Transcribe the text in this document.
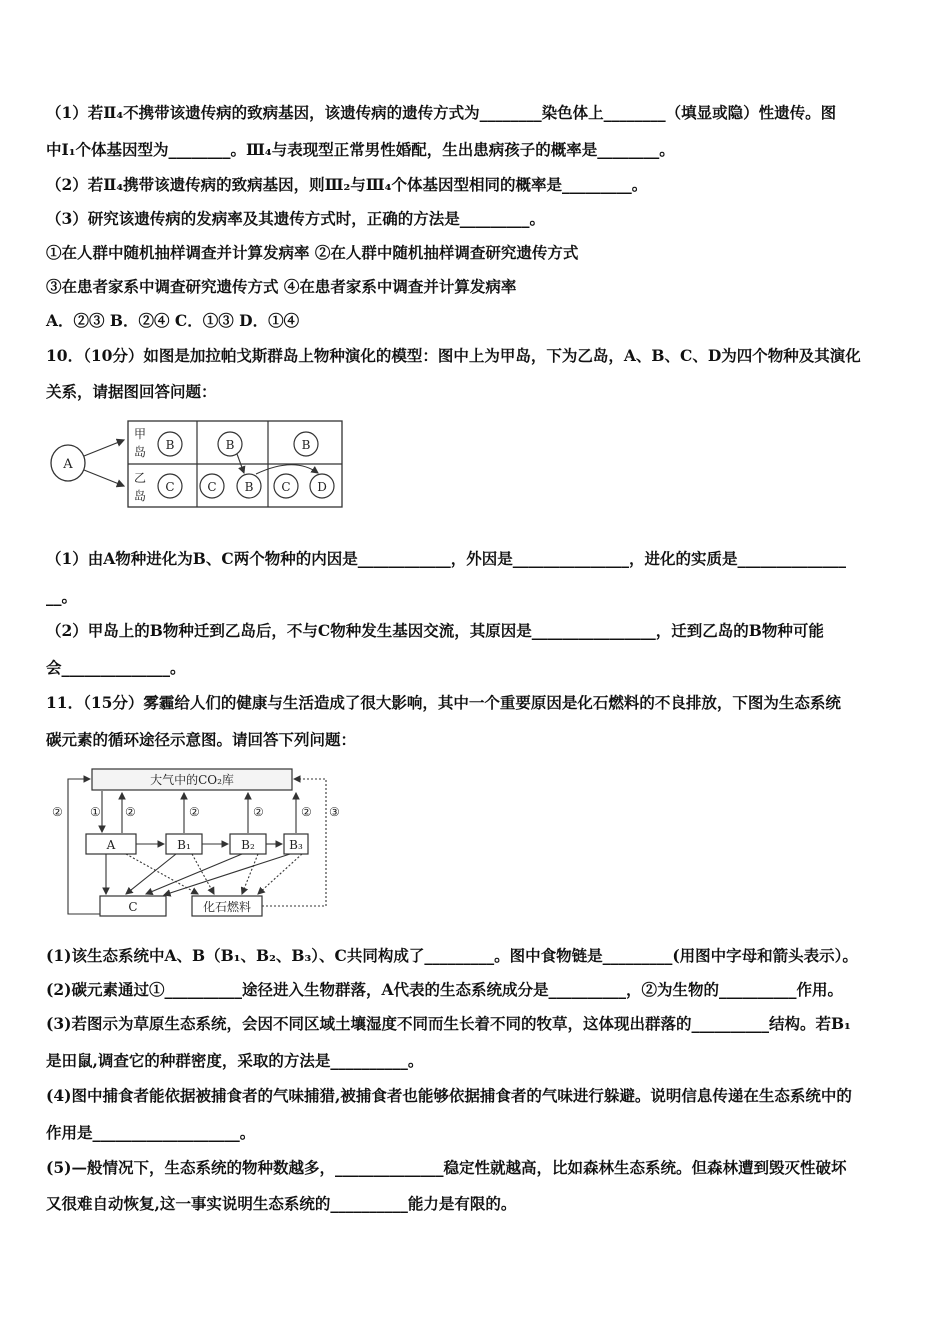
（1）若Ⅱ₄不携带该遗传病的致病基因，该遗传病的遗传方式为________染色体上________（填显或隐）性遗传。图
中Ⅰ₁个体基因型为________。Ⅲ₄与表现型正常男性婚配，生出患病孩子的概率是________。
（2）若Ⅱ₄携带该遗传病的致病基因，则Ⅲ₂与Ⅲ₄个体基因型相同的概率是_________。
（3）研究该遗传病的发病率及其遗传方式时，正确的方法是_________。
①在人群中随机抽样调查并计算发病率 ②在人群中随机抽样调查研究遗传方式
③在患者家系中调查研究遗传方式 ④在患者家系中调查并计算发病率
A．②③ B．②④ C．①③ D．①④
10．（10分）如图是加拉帕戈斯群岛上物种演化的模型：图中上为甲岛，下为乙岛，A、B、C、D为四个物种及其演化
关系，请据图回答问题：
A
甲
岛
乙
岛
B
C
B
C B
B
C D
（1）由A物种进化为B、C两个物种的内因是____________，外因是_______________，进化的实质是______________
__。
（2）甲岛上的B物种迁到乙岛后，不与C物种发生基因交流，其原因是________________，迁到乙岛的B物种可能
会______________。
11．（15分）雾霾给人们的健康与生活造成了很大影响，其中一个重要原因是化石燃料的不良排放，下图为生态系统
碳元素的循环途径示意图。请回答下列问题：
大气中的CO₂库
A	B₁	B₂	B₃
C	化石燃料
① ②	②	②	②
②	③
(1)该生态系统中A、B（B₁、B₂、B₃）、C共同构成了_________。图中食物链是_________(用图中字母和箭头表示）。
(2)碳元素通过①__________途径进入生物群落，A代表的生态系统成分是__________，②为生物的__________作用。
(3)若图示为草原生态系统，会因不同区域土壤湿度不同而生长着不同的牧草，这体现出群落的__________结构。若B₁
是田鼠,调查它的种群密度，采取的方法是__________。
(4)图中捕食者能依据被捕食者的气味捕猎,被捕食者也能够依据捕食者的气味进行躲避。说明信息传递在生态系统中的
作用是___________________。
(5)—般情况下，生态系统的物种数越多，______________稳定性就越高，比如森林生态系统。但森林遭到毁灭性破坏
又很难自动恢复,这一事实说明生态系统的__________能力是有限的。
